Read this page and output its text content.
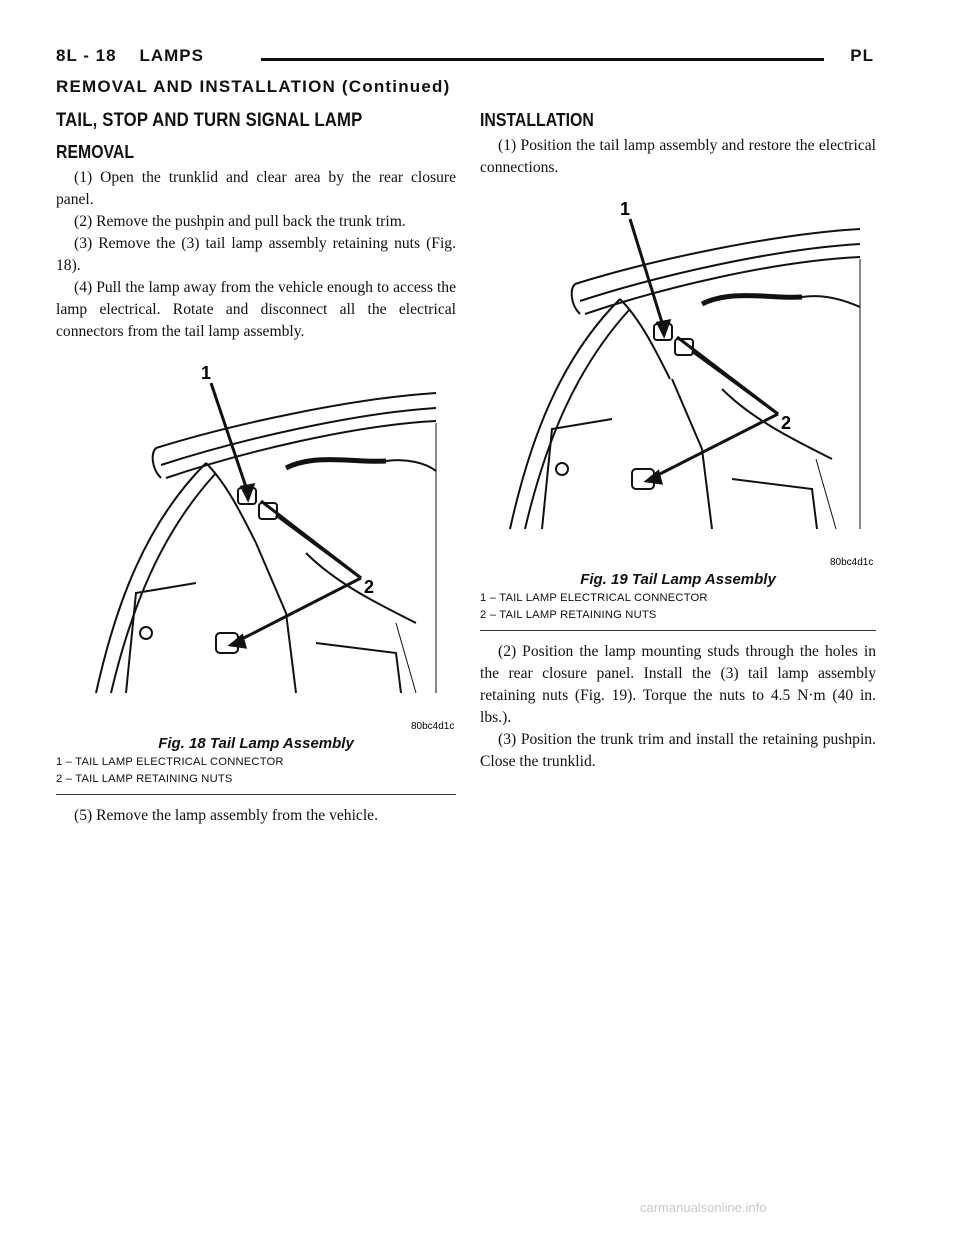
8L - 18 LAMPS	PL
REMOVAL AND INSTALLATION (Continued)
TAIL, STOP AND TURN SIGNAL LAMP
REMOVAL

(1) Open the trunklid and clear area by the rear closure panel.

(2) Remove the pushpin and pull back the trunk trim.

(3) Remove the (3) tail lamp assembly retaining nuts (Fig. 18).

(4) Pull the lamp away from the vehicle enough to access the lamp electrical. Rotate and disconnect all the electrical connectors from the tail lamp assembly.

1
2
80bc4d1c
Fig. 18 Tail Lamp Assembly
1 – TAIL LAMP ELECTRICAL CONNECTOR
2 – TAIL LAMP RETAINING NUTS

(5) Remove the lamp assembly from the vehicle.

INSTALLATION

(1) Position the tail lamp assembly and restore the electrical connections.

1
2
80bc4d1c
Fig. 19 Tail Lamp Assembly
1 – TAIL LAMP ELECTRICAL CONNECTOR
2 – TAIL LAMP RETAINING NUTS

(2) Position the lamp mounting studs through the holes in the rear closure panel. Install the (3) tail lamp assembly retaining nuts (Fig. 19). Torque the nuts to 4.5 N·m (40 in. lbs.).

(3) Position the trunk trim and install the retaining pushpin. Close the trunklid.

carmanualsonline.info
